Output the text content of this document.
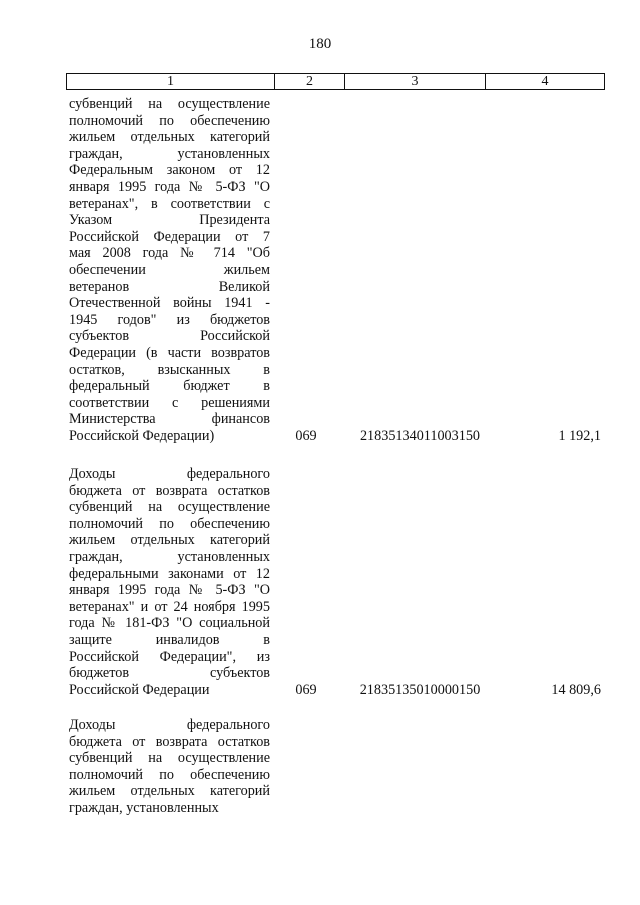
180
1	2	3	4
субвенций на осуществление
полномочий по обеспечению
жильем отдельных категорий
граждан, установленных
Федеральным законом от 12
января 1995 года № 5-ФЗ "О
ветеранах", в соответствии с
Указом Президента
Российской Федерации от 7
мая 2008 года № 714 "Об
обеспечении жильем
ветеранов Великой
Отечественной войны 1941 -
1945 годов" из бюджетов
субъектов Российской
Федерации (в части возвратов
остатков, взысканных в
федеральный бюджет в
соответствии с решениями
Министерства финансов
Российской Федерации)	069	21835134011003150	1 192,1
Доходы федерального
бюджета от возврата остатков
субвенций на осуществление
полномочий по обеспечению
жильем отдельных категорий
граждан, установленных
федеральными законами от 12
января 1995 года № 5-ФЗ "О
ветеранах" и от 24 ноября 1995
года № 181-ФЗ "О социальной
защите инвалидов в
Российской Федерации", из
бюджетов субъектов
Российской Федерации	069	21835135010000150	14 809,6
Доходы федерального
бюджета от возврата остатков
субвенций на осуществление
полномочий по обеспечению
жильем отдельных категорий
граждан, установленных
